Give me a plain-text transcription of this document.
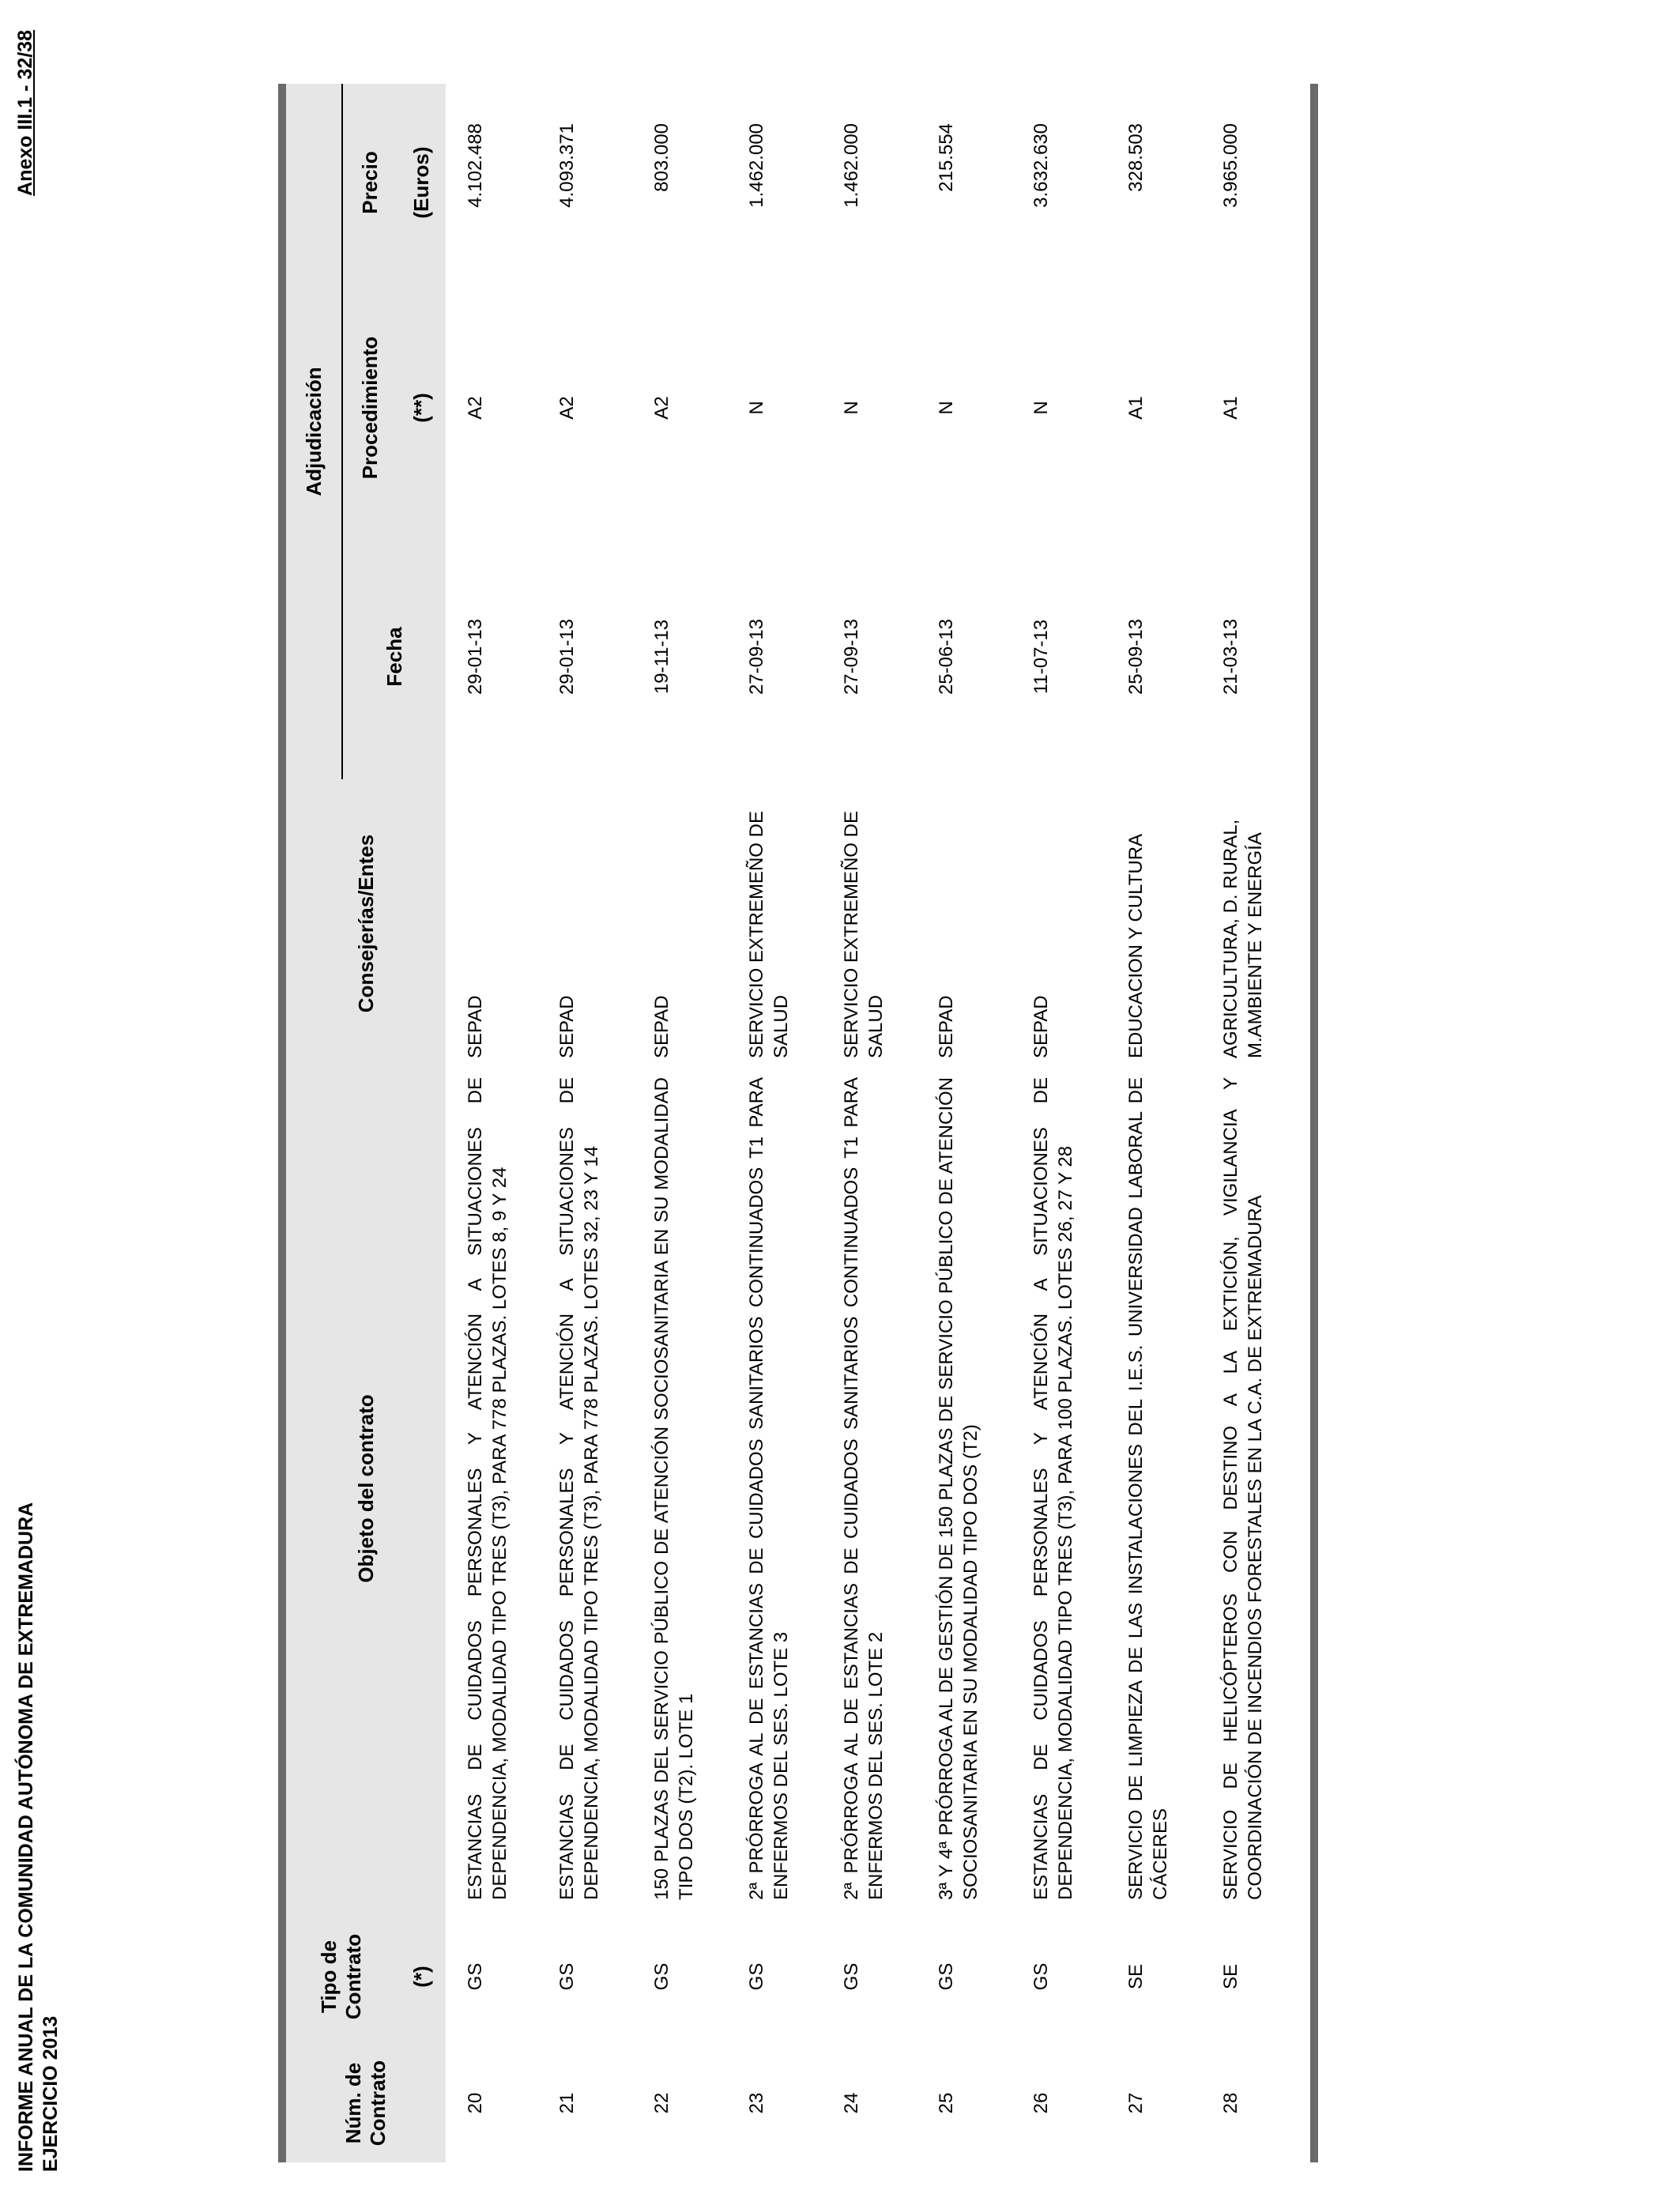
INFORME ANUAL DE LA COMUNIDAD AUTÓNOMA DE EXTREMADURA EJERCICIO 2013
Anexo III.1 - 32/38
Núm. de Contrato	Tipo de Contrato	Objeto del contrato	Consejerías/Entes	Adjudicación		
				Fecha	Procedimiento	Precio
	(*)				(**)	(Euros)
20	GS	ESTANCIAS DE CUIDADOS PERSONALES Y ATENCIÓN A SITUACIONES DE DEPENDENCIA, MODALIDAD TIPO TRES (T3), PARA 778 PLAZAS. LOTES 8, 9 Y 24	SEPAD	29-01-13	A2	4.102.488
21	GS	ESTANCIAS DE CUIDADOS PERSONALES Y ATENCIÓN A SITUACIONES DE DEPENDENCIA, MODALIDAD TIPO TRES (T3), PARA 778 PLAZAS. LOTES 32, 23 Y 14	SEPAD	29-01-13	A2	4.093.371
22	GS	150 PLAZAS DEL SERVICIO PÚBLICO DE ATENCIÓN SOCIOSANITARIA EN SU MODALIDAD TIPO DOS (T2). LOTE 1	SEPAD	19-11-13	A2	803.000
23	GS	2ª PRÓRROGA AL DE ESTANCIAS DE CUIDADOS SANITARIOS CONTINUADOS T1 PARA ENFERMOS DEL SES. LOTE 3	SERVICIO EXTREMEÑO DE SALUD	27-09-13	N	1.462.000
24	GS	2ª PRÓRROGA AL DE ESTANCIAS DE CUIDADOS SANITARIOS CONTINUADOS T1 PARA ENFERMOS DEL SES. LOTE 2	SERVICIO EXTREMEÑO DE SALUD	27-09-13	N	1.462.000
25	GS	3ª Y 4ª PRÓRROGA AL DE GESTIÓN DE 150 PLAZAS DE SERVICIO PÚBLICO DE ATENCIÓN SOCIOSANITARIA EN SU MODALIDAD TIPO DOS (T2)	SEPAD	25-06-13	N	215.554
26	GS	ESTANCIAS DE CUIDADOS PERSONALES Y ATENCIÓN A SITUACIONES DE DEPENDENCIA, MODALIDAD TIPO TRES (T3), PARA 100 PLAZAS. LOTES 26, 27 Y 28	SEPAD	11-07-13	N	3.632.630
27	SE	SERVICIO DE LIMPIEZA DE LAS INSTALACIONES DEL I.E.S. UNIVERSIDAD LABORAL DE CÁCERES	EDUCACION Y CULTURA	25-09-13	A1	328.503
28	SE	SERVICIO DE HELICÓPTEROS CON DESTINO A LA EXTICIÓN, VIGILANCIA Y COORDINACIÓN DE INCENDIOS FORESTALES EN LA C.A. DE EXTREMADURA	AGRICULTURA, D. RURAL, M.AMBIENTE Y ENERGÍA	21-03-13	A1	3.965.000
